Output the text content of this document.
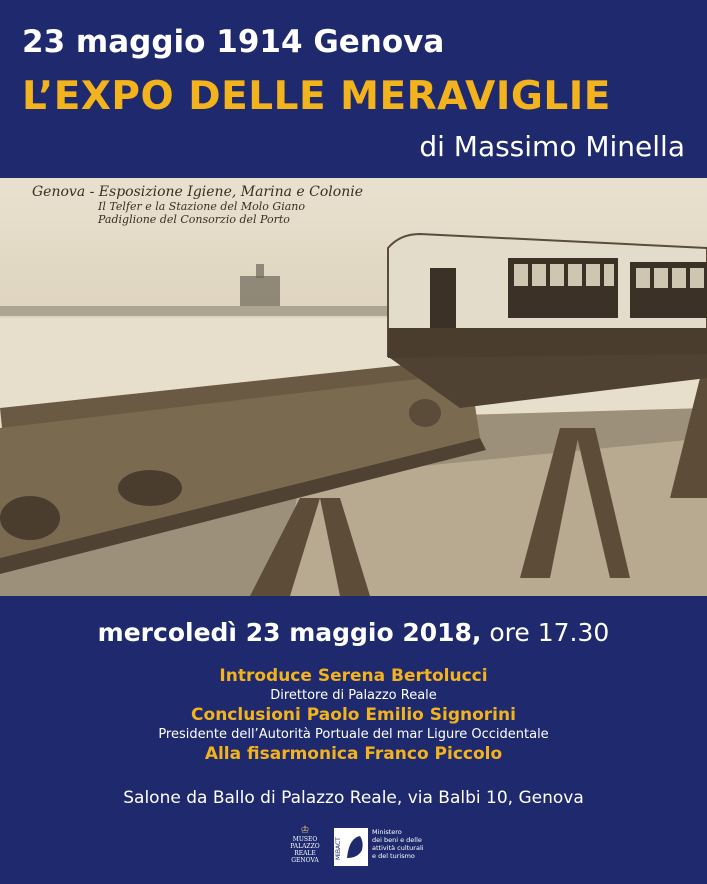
23 maggio 1914 Genova
L’EXPO DELLE MERAVIGLIE
di Massimo Minella
Genova - Esposizione Igiene, Marina e Colonie
Il Telfer e la Stazione del Molo Giano
Padiglione del Consorzio del Porto
mercoledì 23 maggio 2018, ore 17.30
Introduce Serena Bertolucci
Direttore di Palazzo Reale
Conclusioni Paolo Emilio Signorini
Presidente dell’Autorità Portuale del mar Ligure Occidentale
Alla fisarmonica Franco Piccolo
Salone da Ballo di Palazzo Reale, via Balbi 10, Genova
♔
MUSEO
PALAZZO
REALE
GENOVA
MiBACT
Ministero
dei beni e delle
attività culturali
e del turismo
